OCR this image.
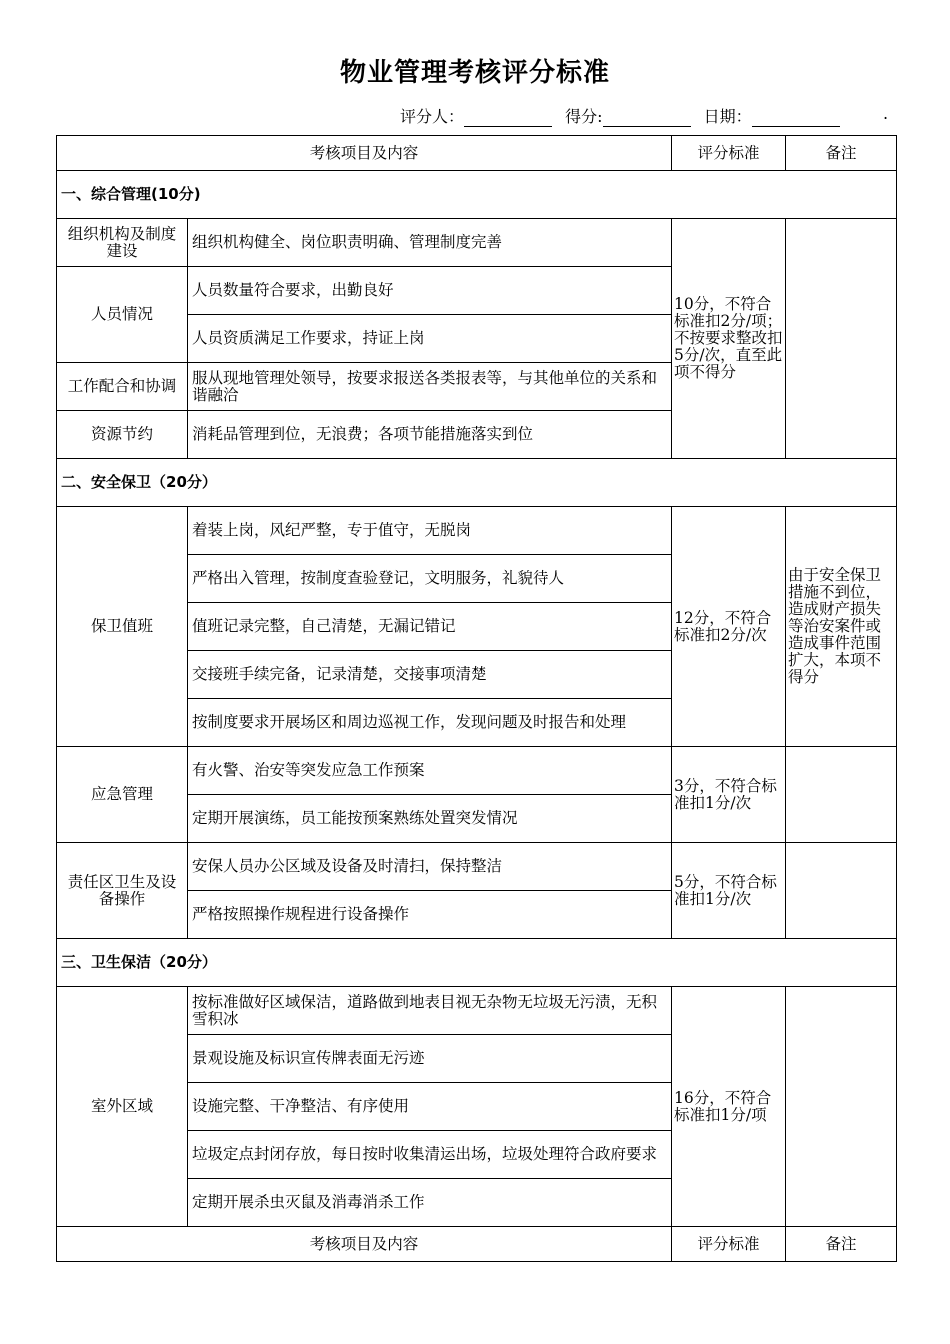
物业管理考核评分标准
评分人：	得分:	日期：	.
考核项目及内容		评分标准	备注
一、综合管理(10分)			
组织机构及制度建设	组织机构健全、岗位职责明确、管理制度完善	10分，不符合标准扣2分/项；不按要求整改扣5分/次，直至此项不得分	
人员情况	人员数量符合要求，出勤良好		
	人员资质满足工作要求，持证上岗		
工作配合和协调	服从现地管理处领导，按要求报送各类报表等，与其他单位的关系和谐融洽		
资源节约	消耗品管理到位，无浪费；各项节能措施落实到位		
二、安全保卫（20分）			
保卫值班	着装上岗，风纪严整，专于值守，无脱岗	12分，不符合标准扣2分/次	由于安全保卫措施不到位，造成财产损失等治安案件或造成事件范围扩大，本项不得分
	严格出入管理，按制度查验登记，文明服务，礼貌待人		
	值班记录完整，自己清楚，无漏记错记		
	交接班手续完备，记录清楚，交接事项清楚		
	按制度要求开展场区和周边巡视工作，发现问题及时报告和处理		
应急管理	有火警、治安等突发应急工作预案	3分，不符合标准扣1分/次	
	定期开展演练，员工能按预案熟练处置突发情况		
责任区卫生及设备操作	安保人员办公区域及设备及时清扫，保持整洁	5分，不符合标准扣1分/次	
	严格按照操作规程进行设备操作		
三、卫生保洁（20分）			
室外区域	按标准做好区域保洁，道路做到地表目视无杂物无垃圾无污渍，无积雪积冰	16分，不符合标准扣1分/项	
	景观设施及标识宣传牌表面无污迹		
	设施完整、干净整洁、有序使用		
	垃圾定点封闭存放，每日按时收集清运出场，垃圾处理符合政府要求		
	定期开展杀虫灭鼠及消毒消杀工作		
考核项目及内容		评分标准	备注
